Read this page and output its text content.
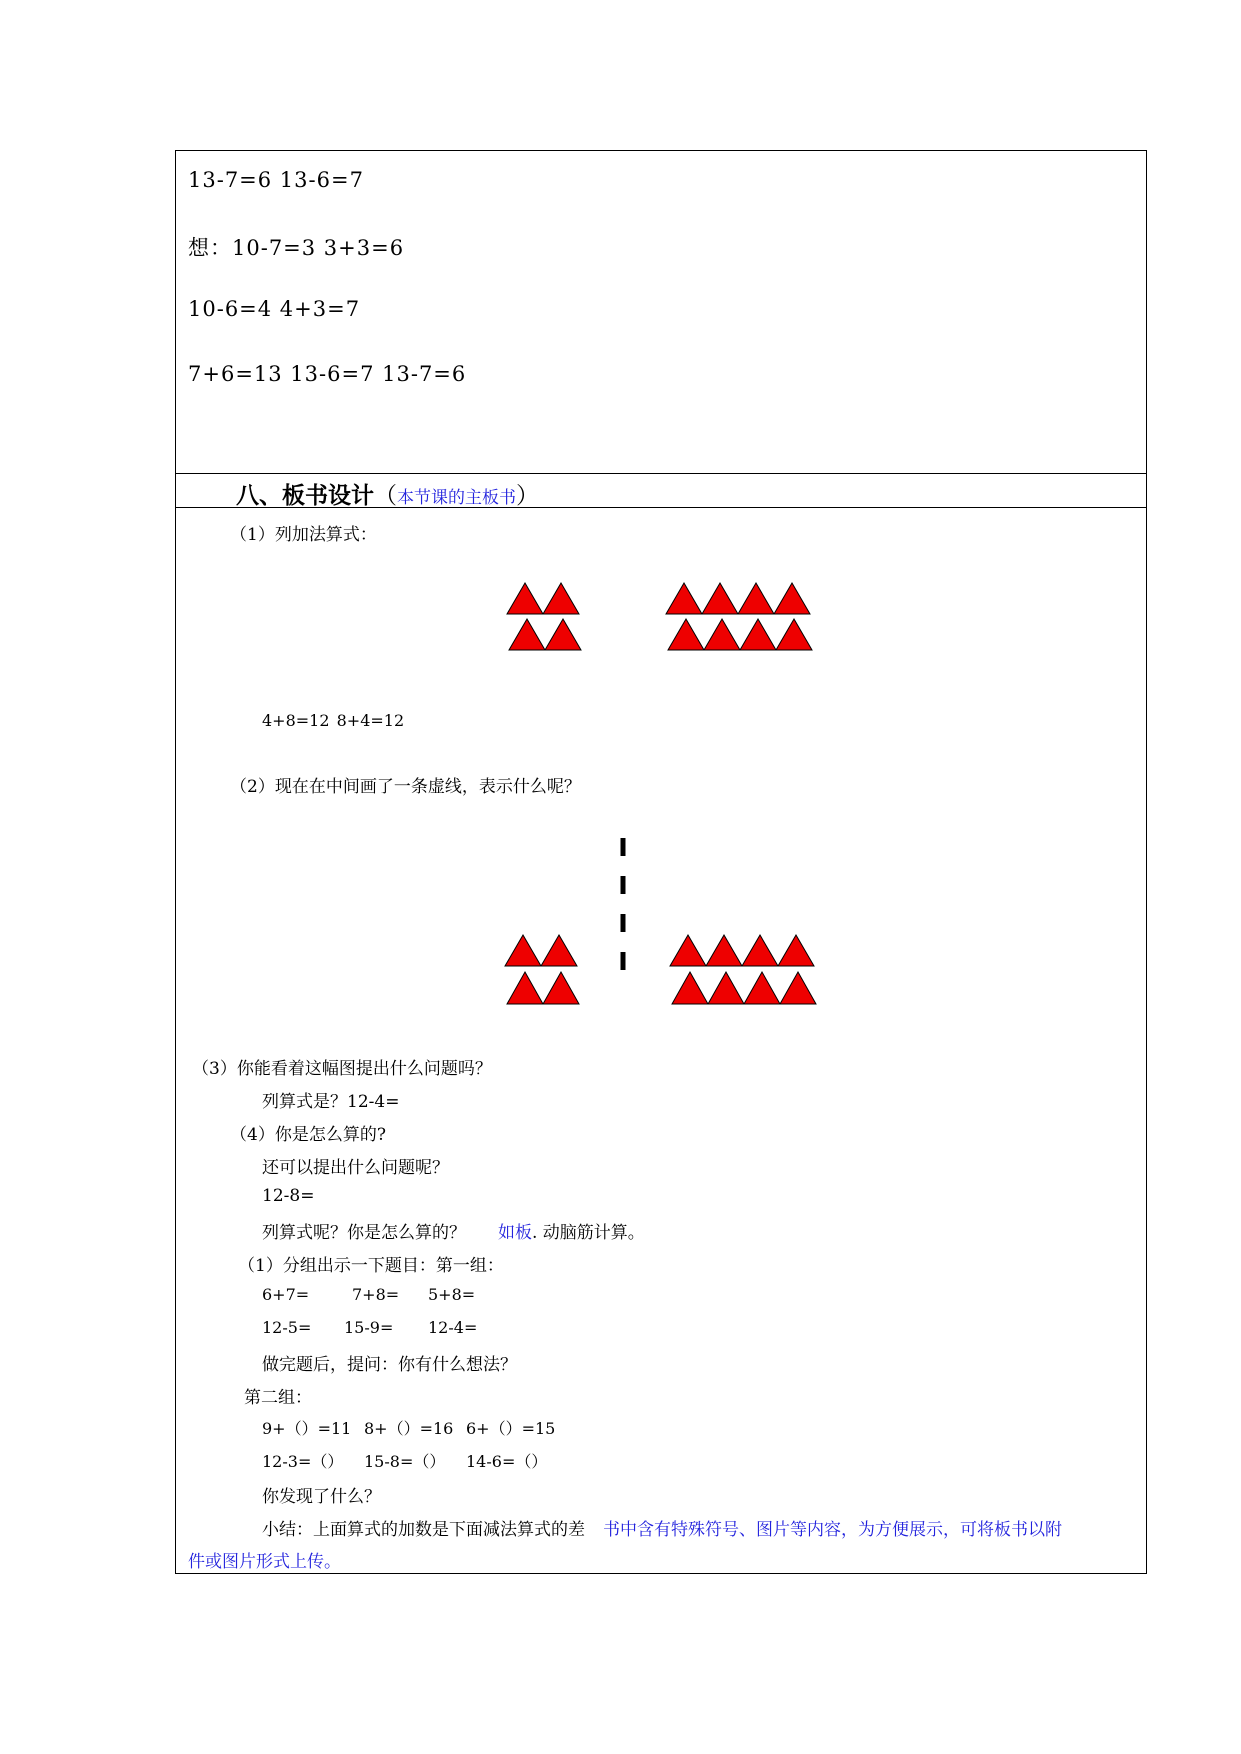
13-7=6 13-6=7
想：10-7=3 3+3=6
10-6=4 4+3=7
7+6=13 13-6=7 13-7=6
八、板书设计（本节课的主板书）
（1）列加法算式：
4+8=12 8+4=12
（2）现在在中间画了一条虚线，表示什么呢？
（3）你能看着这幅图提出什么问题吗？
列算式是？12-4=
（4）你是怎么算的?
还可以提出什么问题呢？
12-8=
列算式呢？你是怎么算的？ 如板. 动脑筋计算。
（1）分组出示一下题目：第一组：
6+7=	7+8= 5+8=
12-5= 15-9= 12-4=
做完题后，提问：你有什么想法？
第二组：
9+（）=11 8+（）=16 6+（）=15
12-3=（） 15-8=（） 14-6=（）
你发现了什么？
小结：上面算式的加数是下面减法算式的差 书中含有特殊符号、图片等内容，为方便展示，可将板书以附
件或图片形式上传。
